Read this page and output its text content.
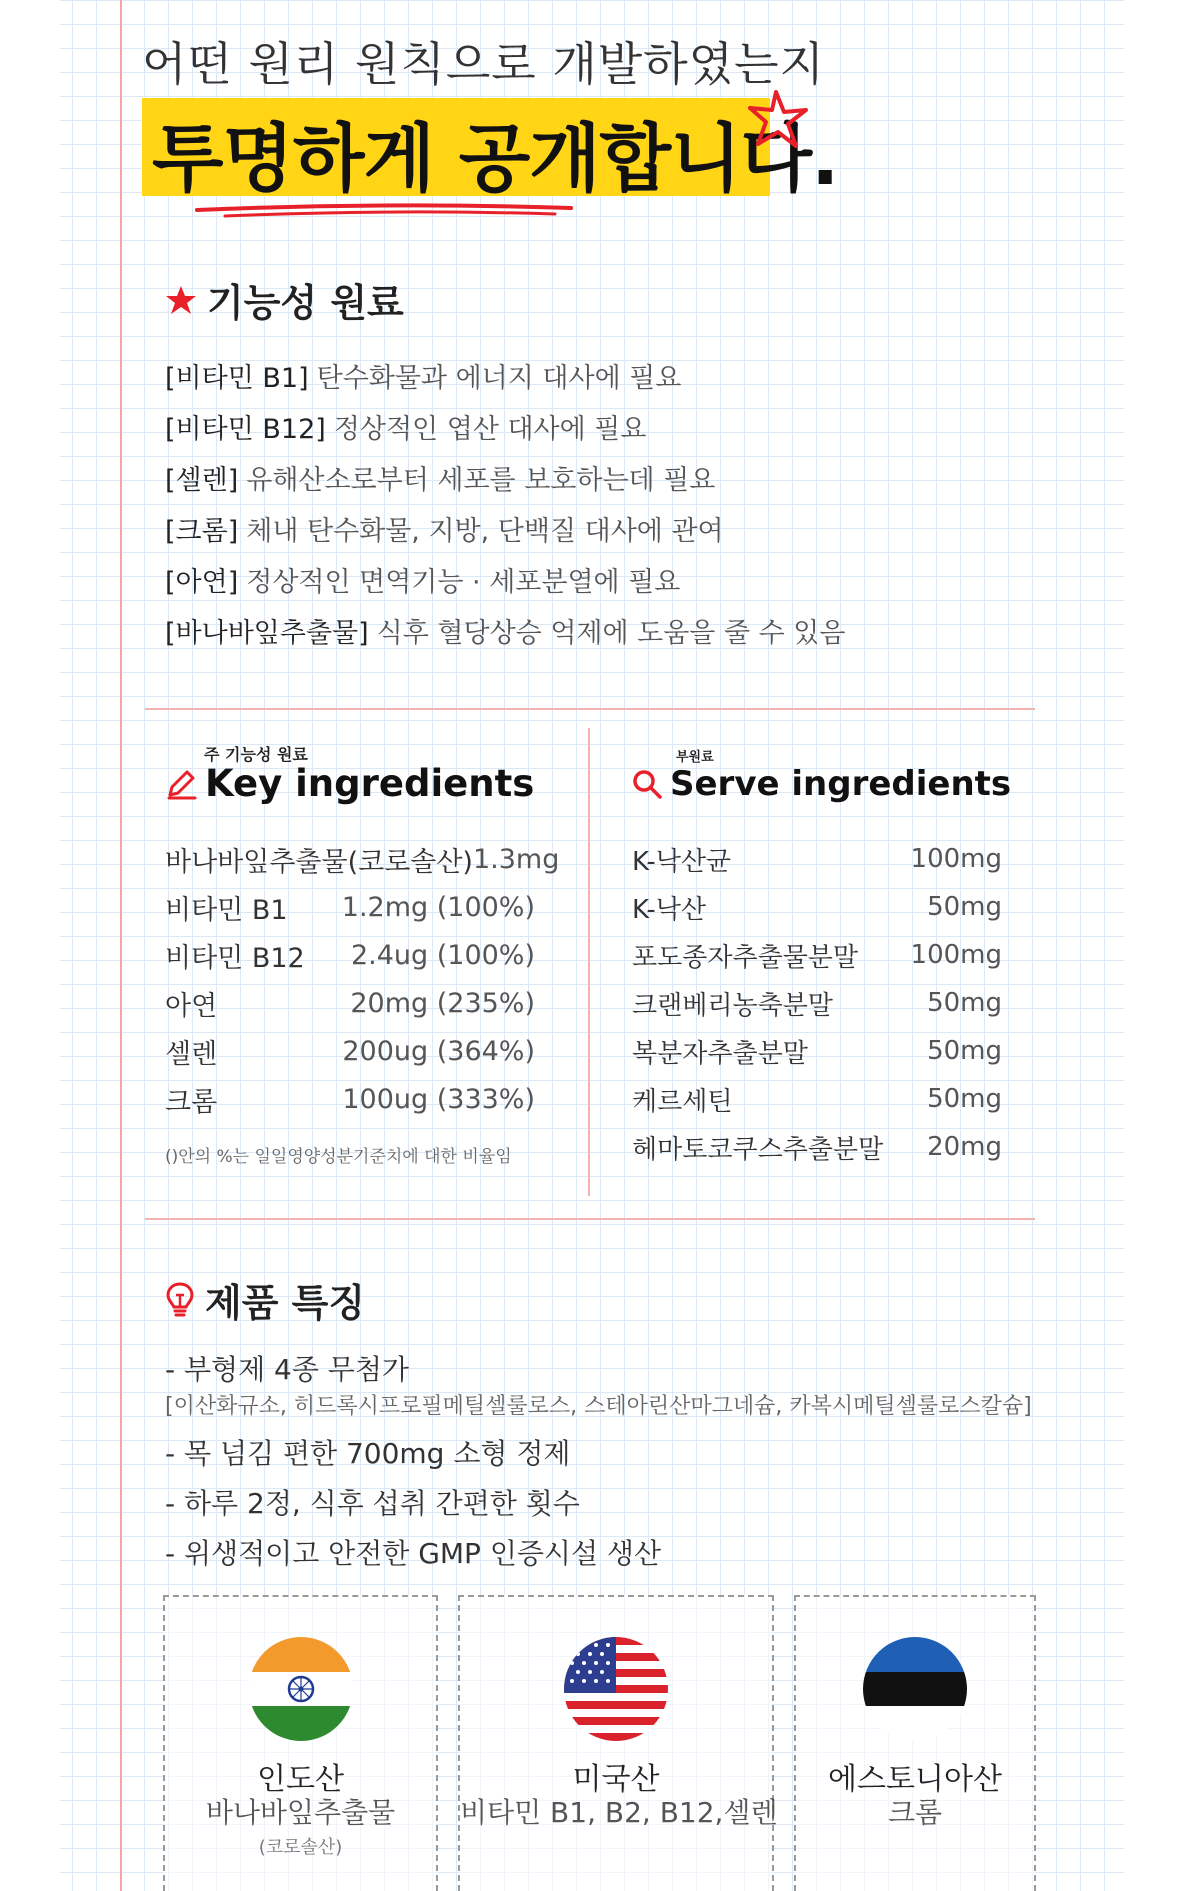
어떤 원리 원칙으로 개발하였는지
투명하게 공개합니다.
기능성 원료
[비타민 B1] 탄수화물과 에너지 대사에 필요
[비타민 B12] 정상적인 엽산 대사에 필요
[셀렌] 유해산소로부터 세포를 보호하는데 필요
[크롬] 체내 탄수화물, 지방, 단백질 대사에 관여
[아연] 정상적인 면역기능 · 세포분열에 필요
[바나바잎추출물] 식후 혈당상승 억제에 도움을 줄 수 있음
주 기능성 원료
Key ingredients
바나바잎추출물(코로솔산) 1.3mg
비타민 B1 1.2mg (100%)
비타민 B12 2.4ug (100%)
아연	20mg (235%)
셀렌	200ug (364%)
크롬	100ug (333%)
()안의 %는 일일영양성분기준치에 대한 비율임
부원료
Serve ingredients
K-낙산균	100mg
K-낙산	50mg
포도종자추출물분말 100mg
크랜베리농축분말	50mg
복분자추출분말	50mg
케르세틴	50mg
헤마토코쿠스추출분말 20mg
제품 특징
- 부형제 4종 무첨가
[이산화규소, 히드록시프로필메틸셀룰로스, 스테아린산마그네슘, 카복시메틸셀룰로스칼슘]
- 목 넘김 편한 700mg 소형 정제
- 하루 2정, 식후 섭취 간편한 횟수
- 위생적이고 안전한 GMP 인증시설 생산
인도산
바나바잎추출물
(코로솔산)
미국산
비타민 B1, B2, B12,셀렌
에스토니아산
크롬
